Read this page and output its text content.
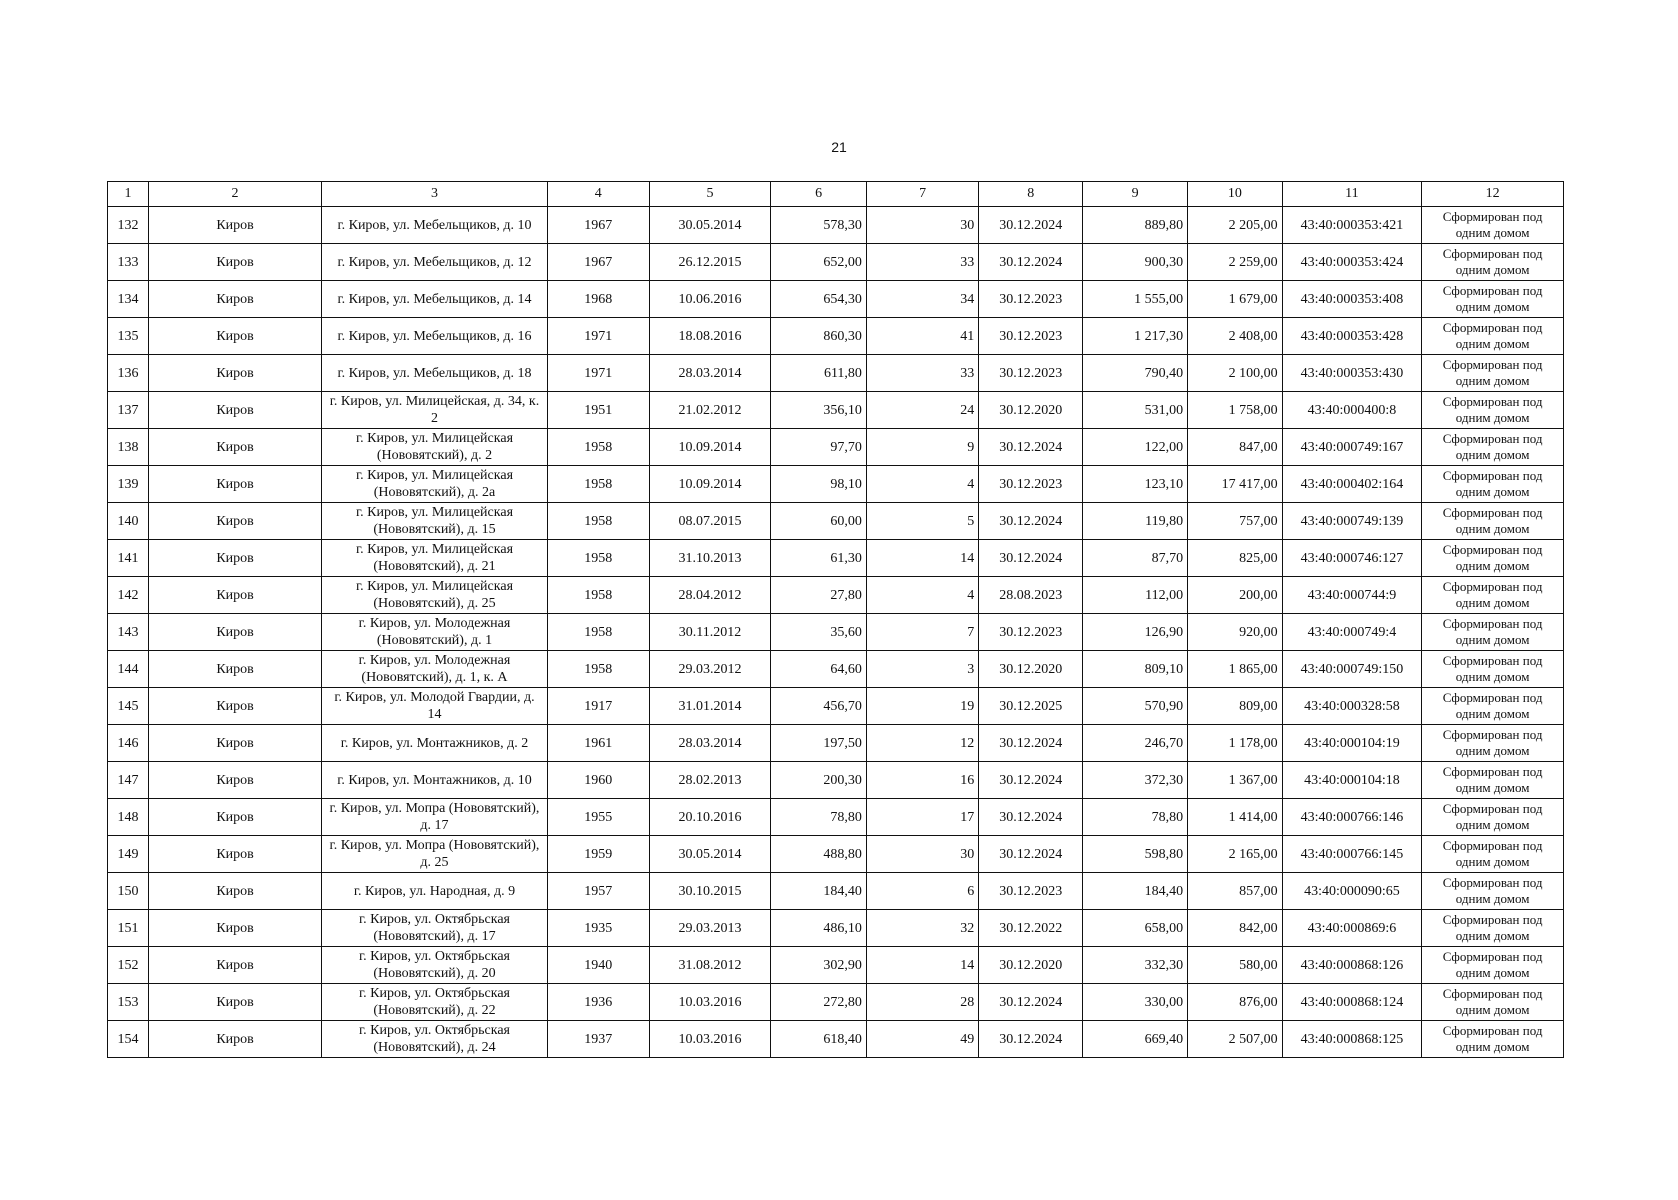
21
1	2	3	4	5	6	7	8	9	10	11	12
132	Киров	г. Киров, ул. Мебельщиков, д. 10	1967	30.05.2014	578,30	30	30.12.2024	889,80	2 205,00	43:40:000353:421	Сформирован под одним домом
133	Киров	г. Киров, ул. Мебельщиков, д. 12	1967	26.12.2015	652,00	33	30.12.2024	900,30	2 259,00	43:40:000353:424	Сформирован под одним домом
134	Киров	г. Киров, ул. Мебельщиков, д. 14	1968	10.06.2016	654,30	34	30.12.2023	1 555,00	1 679,00	43:40:000353:408	Сформирован под одним домом
135	Киров	г. Киров, ул. Мебельщиков, д. 16	1971	18.08.2016	860,30	41	30.12.2023	1 217,30	2 408,00	43:40:000353:428	Сформирован под одним домом
136	Киров	г. Киров, ул. Мебельщиков, д. 18	1971	28.03.2014	611,80	33	30.12.2023	790,40	2 100,00	43:40:000353:430	Сформирован под одним домом
137	Киров	г. Киров, ул. Милицейская, д. 34, к. 2	1951	21.02.2012	356,10	24	30.12.2020	531,00	1 758,00	43:40:000400:8	Сформирован под одним домом
138	Киров	г. Киров, ул. Милицейская (Нововятский), д. 2	1958	10.09.2014	97,70	9	30.12.2024	122,00	847,00	43:40:000749:167	Сформирован под одним домом
139	Киров	г. Киров, ул. Милицейская (Нововятский), д. 2а	1958	10.09.2014	98,10	4	30.12.2023	123,10	17 417,00	43:40:000402:164	Сформирован под одним домом
140	Киров	г. Киров, ул. Милицейская (Нововятский), д. 15	1958	08.07.2015	60,00	5	30.12.2024	119,80	757,00	43:40:000749:139	Сформирован под одним домом
141	Киров	г. Киров, ул. Милицейская (Нововятский), д. 21	1958	31.10.2013	61,30	14	30.12.2024	87,70	825,00	43:40:000746:127	Сформирован под одним домом
142	Киров	г. Киров, ул. Милицейская (Нововятский), д. 25	1958	28.04.2012	27,80	4	28.08.2023	112,00	200,00	43:40:000744:9	Сформирован под одним домом
143	Киров	г. Киров, ул. Молодежная (Нововятский), д. 1	1958	30.11.2012	35,60	7	30.12.2023	126,90	920,00	43:40:000749:4	Сформирован под одним домом
144	Киров	г. Киров, ул. Молодежная (Нововятский), д. 1, к. А	1958	29.03.2012	64,60	3	30.12.2020	809,10	1 865,00	43:40:000749:150	Сформирован под одним домом
145	Киров	г. Киров, ул. Молодой Гвардии, д. 14	1917	31.01.2014	456,70	19	30.12.2025	570,90	809,00	43:40:000328:58	Сформирован под одним домом
146	Киров	г. Киров, ул. Монтажников, д. 2	1961	28.03.2014	197,50	12	30.12.2024	246,70	1 178,00	43:40:000104:19	Сформирован под одним домом
147	Киров	г. Киров, ул. Монтажников, д. 10	1960	28.02.2013	200,30	16	30.12.2024	372,30	1 367,00	43:40:000104:18	Сформирован под одним домом
148	Киров	г. Киров, ул. Мопра (Нововятский), д. 17	1955	20.10.2016	78,80	17	30.12.2024	78,80	1 414,00	43:40:000766:146	Сформирован под одним домом
149	Киров	г. Киров, ул. Мопра (Нововятский), д. 25	1959	30.05.2014	488,80	30	30.12.2024	598,80	2 165,00	43:40:000766:145	Сформирован под одним домом
150	Киров	г. Киров, ул. Народная, д. 9	1957	30.10.2015	184,40	6	30.12.2023	184,40	857,00	43:40:000090:65	Сформирован под одним домом
151	Киров	г. Киров, ул. Октябрьская (Нововятский), д. 17	1935	29.03.2013	486,10	32	30.12.2022	658,00	842,00	43:40:000869:6	Сформирован под одним домом
152	Киров	г. Киров, ул. Октябрьская (Нововятский), д. 20	1940	31.08.2012	302,90	14	30.12.2020	332,30	580,00	43:40:000868:126	Сформирован под одним домом
153	Киров	г. Киров, ул. Октябрьская (Нововятский), д. 22	1936	10.03.2016	272,80	28	30.12.2024	330,00	876,00	43:40:000868:124	Сформирован под одним домом
154	Киров	г. Киров, ул. Октябрьская (Нововятский), д. 24	1937	10.03.2016	618,40	49	30.12.2024	669,40	2 507,00	43:40:000868:125	Сформирован под одним домом
